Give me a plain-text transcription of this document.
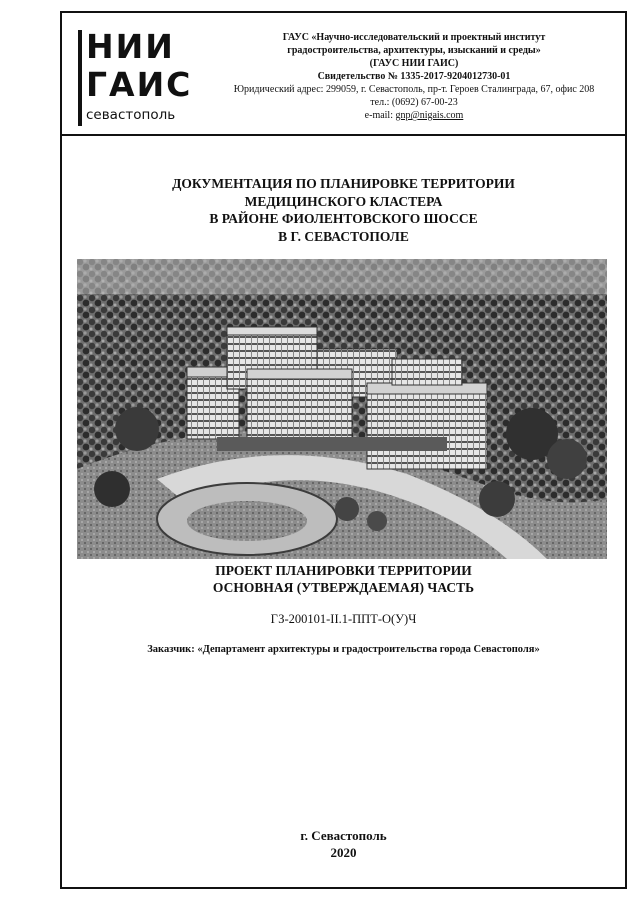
НИИ
ГАИС
севастополь
ГАУС «Научно-исследовательский и проектный институт
градостроительства, архитектуры, изысканий и среды»
(ГАУС НИИ ГАИС)
Свидетельство № 1335-2017-9204012730-01
Юридический адрес: 299059, г. Севастополь, пр-т. Героев Сталинграда, 67, офис 208
тел.: (0692) 67-00-23
e-mail: gnp@nigais.com
ДОКУМЕНТАЦИЯ ПО ПЛАНИРОВКЕ ТЕРРИТОРИИ
МЕДИЦИНСКОГО КЛАСТЕРА
В РАЙОНЕ ФИОЛЕНТОВСКОГО ШОССЕ
В Г. СЕВАСТОПОЛЕ
ПРОЕКТ ПЛАНИРОВКИ ТЕРРИТОРИИ
ОСНОВНАЯ (УТВЕРЖДАЕМАЯ) ЧАСТЬ
ГЗ-200101-II.1-ППТ-О(У)Ч
Заказчик: «Департамент архитектуры и градостроительства города Севастополя»
г. Севастополь
2020
